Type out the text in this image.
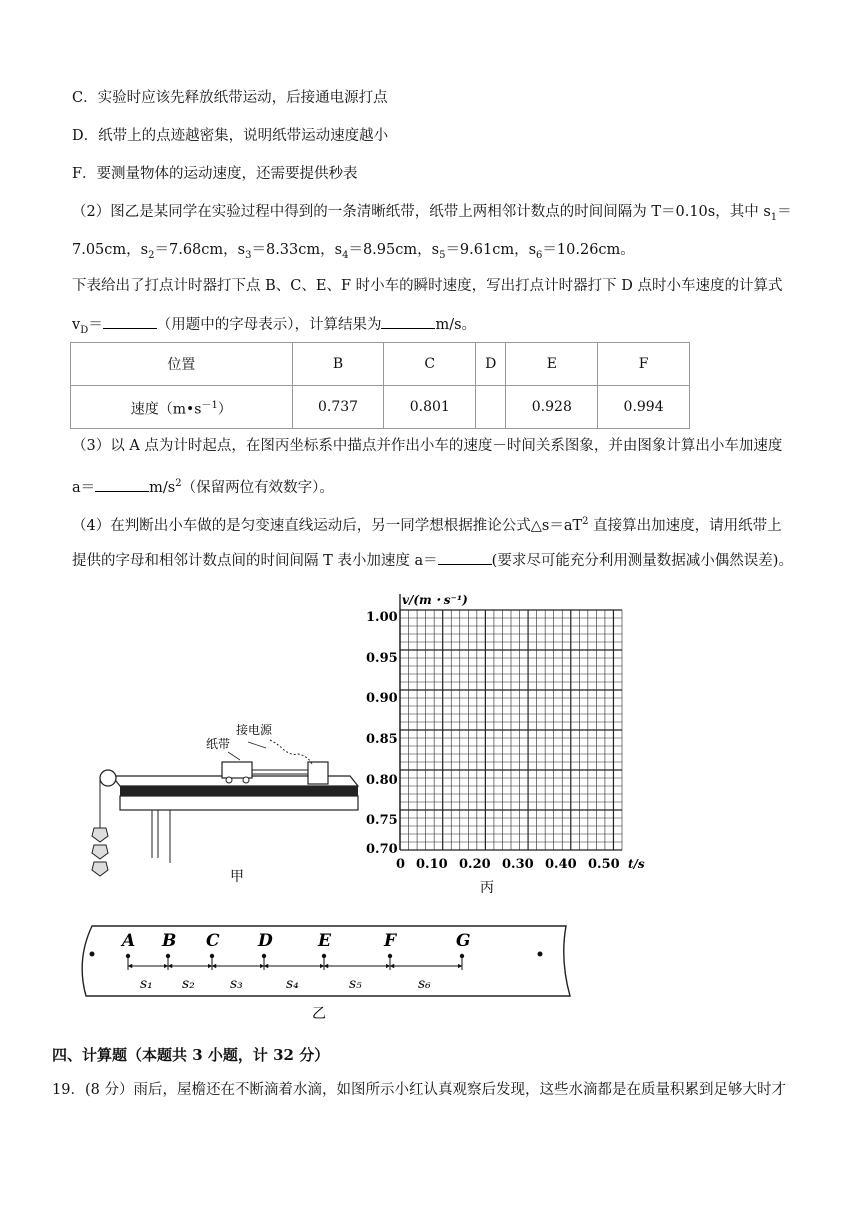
C．实验时应该先释放纸带运动，后接通电源打点
D．纸带上的点迹越密集，说明纸带运动速度越小
F．要测量物体的运动速度，还需要提供秒表
（2）图乙是某同学在实验过程中得到的一条清晰纸带，纸带上两相邻计数点的时间间隔为 T＝0.10s，其中 $s_1=$
7.05cm，$s_2=7.68cm$，$s_3=8.33cm$，$s_4=8.95cm$，$s_5=9.61cm$，$s_6=10.26cm$。
下表给出了打点计时器打下点 B、C、E、F 时小车的瞬时速度，写出打点计时器打下 D 点时小车速度的计算式
$v_D=$	（用题中的字母表示），计算结果为	m/s。
位置	B	C	D	E	F
速度$(m•s^{-1})$	0.737	0.801		0.928	0.994
（3）以 A 点为计时起点，在图丙坐标系中描点并作出小车的速度－时间关系图象，并由图象计算出小车加速度
a＝	$m/s^2$（保留两位有效数字）。
（4）在判断出小车做的是匀变速直线运动后，另一同学想根据推论公式$\triangle s=aT^2$ 直接算出加速度，请用纸带上
提供的字母和相邻计数点间的时间间隔 T 表小加速度 a＝	(要求尽可能充分利用测量数据减小偶然误差)。
接电源
纸带
甲
v/(m・s⁻¹)
t/s
1.00
0.95
0.90
0.85
0.80
0.75
0.70
0 0.10 0.20 0.30 0.40 0.50
丙
A B C D	E	F	G
s₁ s₂	s₃	s₄	s₅	s₆
乙
四、计算题（本题共 3 小题，计 32 分）
19．(8 分）雨后，屋檐还在不断滴着水滴，如图所示小红认真观察后发现，这些水滴都是在质量积累到足够大时才
